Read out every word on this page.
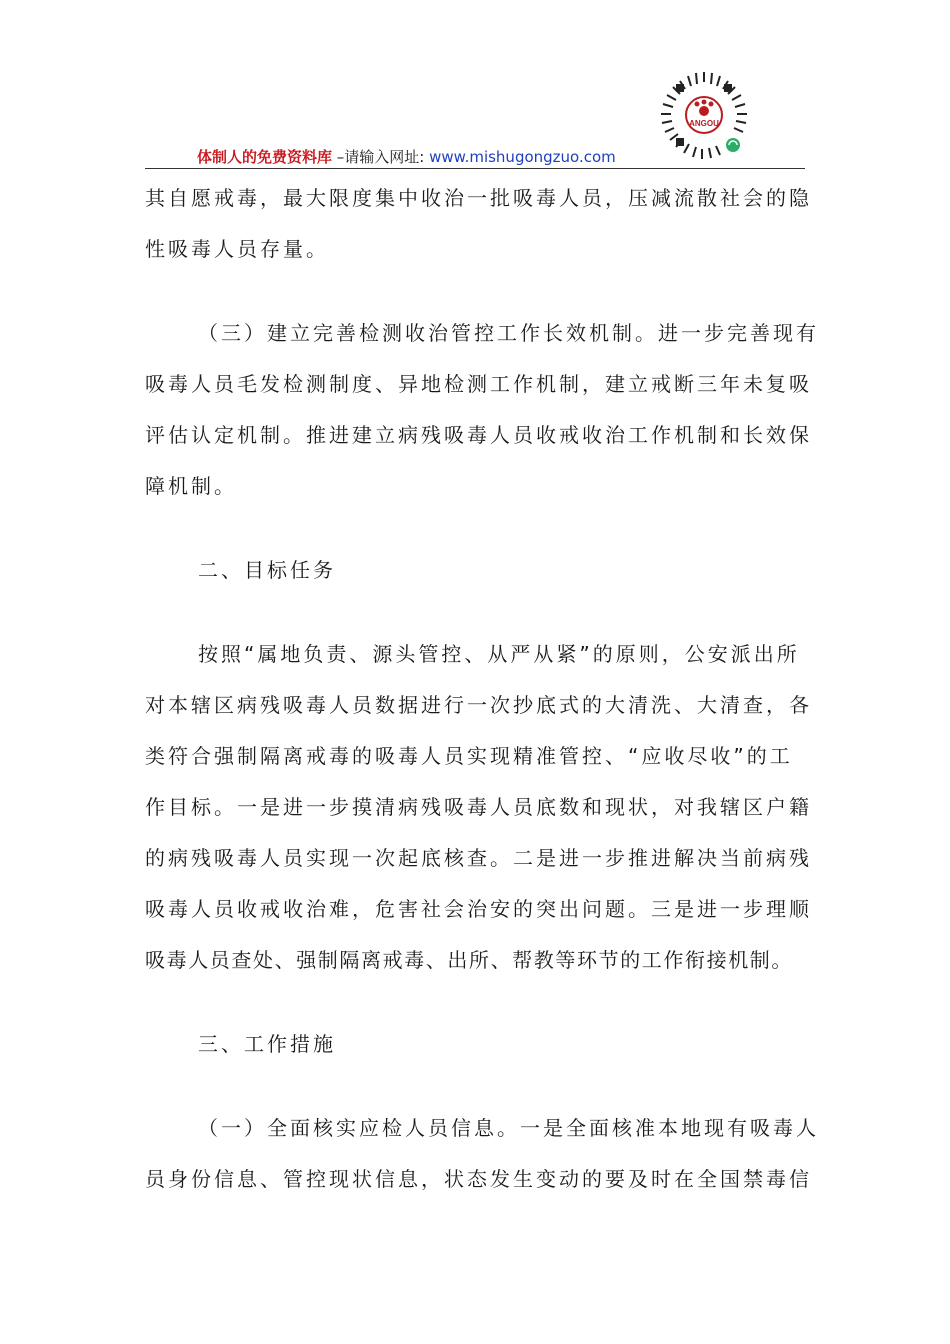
ANGOU
体制人的免费资料库 –请输入网址: www.mishugongzuo.com
其自愿戒毒，最大限度集中收治一批吸毒人员，压减流散社会的隐
性吸毒人员存量。
（三）建立完善检测收治管控工作长效机制。进一步完善现有
吸毒人员毛发检测制度、异地检测工作机制，建立戒断三年未复吸
评估认定机制。推进建立病残吸毒人员收戒收治工作机制和长效保
障机制。
二、目标任务
按照“属地负责、源头管控、从严从紧”的原则，公安派出所
对本辖区病残吸毒人员数据进行一次抄底式的大清洗、大清查，各
类符合强制隔离戒毒的吸毒人员实现精准管控、“应收尽收”的工
作目标。一是进一步摸清病残吸毒人员底数和现状，对我辖区户籍
的病残吸毒人员实现一次起底核查。二是进一步推进解决当前病残
吸毒人员收戒收治难，危害社会治安的突出问题。三是进一步理顺
吸毒人员查处、强制隔离戒毒、出所、帮教等环节的工作衔接机制。
三、工作措施
（一）全面核实应检人员信息。一是全面核准本地现有吸毒人
员身份信息、管控现状信息，状态发生变动的要及时在全国禁毒信
